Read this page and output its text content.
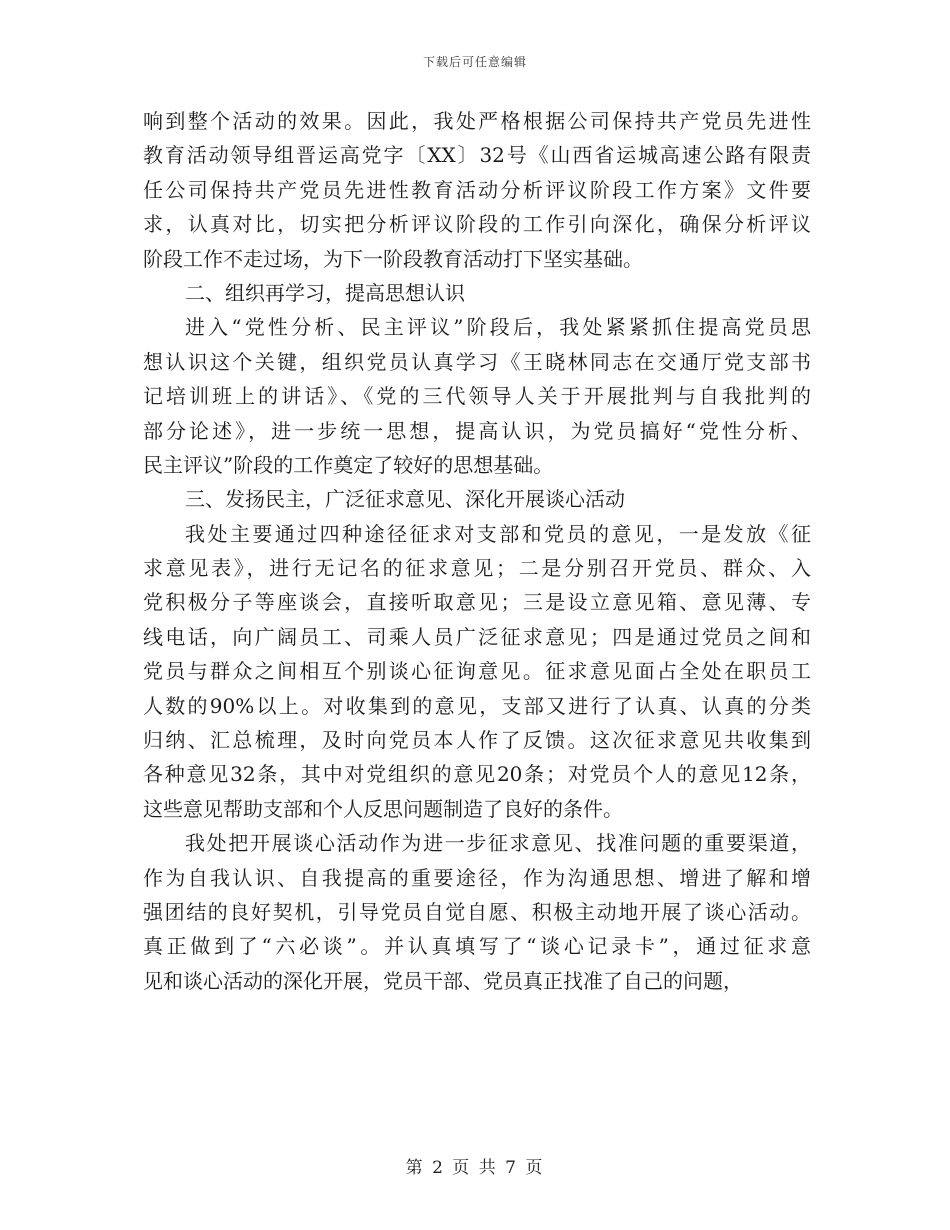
下载后可任意编辑
响到整个活动的效果。因此，我处严格根据公司保持共产党员先进性
教育活动领导组晋运高党字〔XX〕32号《山西省运城高速公路有限责
任公司保持共产党员先进性教育活动分析评议阶段工作方案》文件要
求，认真对比，切实把分析评议阶段的工作引向深化，确保分析评议
阶段工作不走过场，为下一阶段教育活动打下坚实基础。
二、组织再学习，提高思想认识
进入“党性分析、民主评议”阶段后，我处紧紧抓住提高党员思
想认识这个关键，组织党员认真学习《王晓林同志在交通厅党支部书
记培训班上的讲话》、《党的三代领导人关于开展批判与自我批判的
部分论述》，进一步统一思想，提高认识，为党员搞好“党性分析、
民主评议”阶段的工作奠定了较好的思想基础。
三、发扬民主，广泛征求意见、深化开展谈心活动
我处主要通过四种途径征求对支部和党员的意见，一是发放《征
求意见表》，进行无记名的征求意见；二是分别召开党员、群众、入
党积极分子等座谈会，直接听取意见；三是设立意见箱、意见薄、专
线电话，向广阔员工、司乘人员广泛征求意见；四是通过党员之间和
党员与群众之间相互个别谈心征询意见。征求意见面占全处在职员工
人数的90%以上。对收集到的意见，支部又进行了认真、认真的分类
归纳、汇总梳理，及时向党员本人作了反馈。这次征求意见共收集到
各种意见32条，其中对党组织的意见20条；对党员个人的意见12条，
这些意见帮助支部和个人反思问题制造了良好的条件。
我处把开展谈心活动作为进一步征求意见、找准问题的重要渠道，
作为自我认识、自我提高的重要途径，作为沟通思想、增进了解和增
强团结的良好契机，引导党员自觉自愿、积极主动地开展了谈心活动。
真正做到了“六必谈”。并认真填写了“谈心记录卡”，通过征求意
见和谈心活动的深化开展，党员干部、党员真正找准了自己的问题，
第 2 页 共 7 页
